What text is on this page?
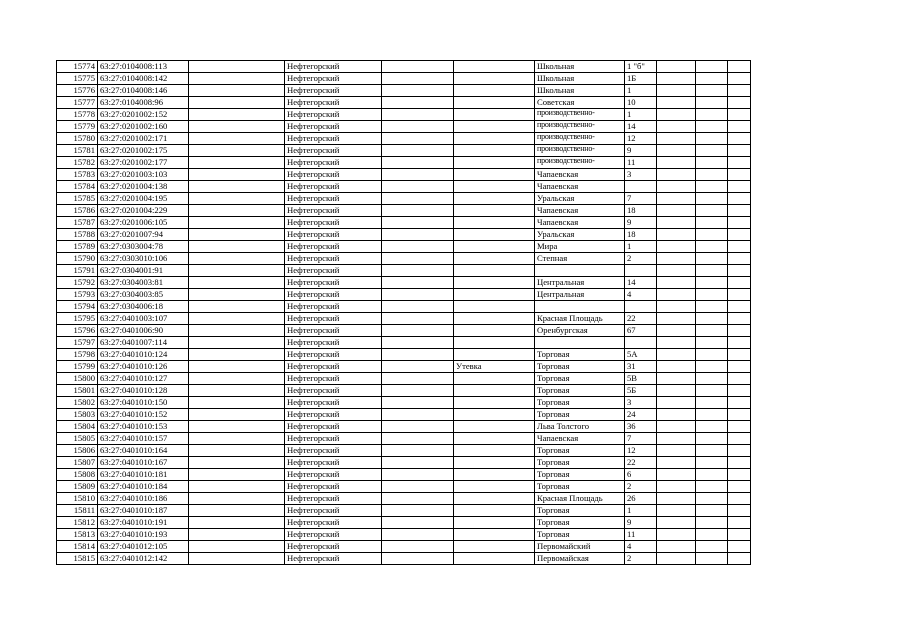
15774	63:27:0104008:113		Нефтегорский			Школьная	1 "б"			
15775	63:27:0104008:142		Нефтегорский			Школьная	1Б			
15776	63:27:0104008:146		Нефтегорский			Школьная	1			
15777	63:27:0104008:96		Нефтегорский			Советская	10			
15778	63:27:0201002:152		Нефтегорский			производственно-	1			
15779	63:27:0201002:160		Нефтегорский			производственно-	14			
15780	63:27:0201002:171		Нефтегорский			производственно-	12			
15781	63:27:0201002:175		Нефтегорский			производственно-	9			
15782	63:27:0201002:177		Нефтегорский			производственно-	11			
15783	63:27:0201003:103		Нефтегорский			Чапаевская	3			
15784	63:27:0201004:138		Нефтегорский			Чапаевская				
15785	63:27:0201004:195		Нефтегорский			Уральская	7			
15786	63:27:0201004:229		Нефтегорский			Чапаевская	18			
15787	63:27:0201006:105		Нефтегорский			Чапаевская	9			
15788	63:27:0201007:94		Нефтегорский			Уральская	18			
15789	63:27:0303004:78		Нефтегорский			Мира	1			
15790	63:27:0303010:106		Нефтегорский			Степная	2			
15791	63:27:0304001:91		Нефтегорский							
15792	63:27:0304003:81		Нефтегорский			Центральная	14			
15793	63:27:0304003:85		Нефтегорский			Центральная	4			
15794	63:27:0304006:18		Нефтегорский							
15795	63:27:0401003:107		Нефтегорский			Красная Площадь	22			
15796	63:27:0401006:90		Нефтегорский			Оренбургская	67			
15797	63:27:0401007:114		Нефтегорский							
15798	63:27:0401010:124		Нефтегорский			Торговая	5А			
15799	63:27:0401010:126		Нефтегорский		Утевка	Торговая	31			
15800	63:27:0401010:127		Нефтегорский			Торговая	5В			
15801	63:27:0401010:128		Нефтегорский			Торговая	5Б			
15802	63:27:0401010:150		Нефтегорский			Торговая	3			
15803	63:27:0401010:152		Нефтегорский			Торговая	24			
15804	63:27:0401010:153		Нефтегорский			Льва Толстого	36			
15805	63:27:0401010:157		Нефтегорский			Чапаевская	7			
15806	63:27:0401010:164		Нефтегорский			Торговая	12			
15807	63:27:0401010:167		Нефтегорский			Торговая	22			
15808	63:27:0401010:181		Нефтегорский			Торговая	6			
15809	63:27:0401010:184		Нефтегорский			Торговая	2			
15810	63:27:0401010:186		Нефтегорский			Красная Площадь	26			
15811	63:27:0401010:187		Нефтегорский			Торговая	1			
15812	63:27:0401010:191		Нефтегорский			Торговая	9			
15813	63:27:0401010:193		Нефтегорский			Торговая	11			
15814	63:27:0401012:105		Нефтегорский			Первомайский	4			
15815	63:27:0401012:142		Нефтегорский			Первомайская	2			
